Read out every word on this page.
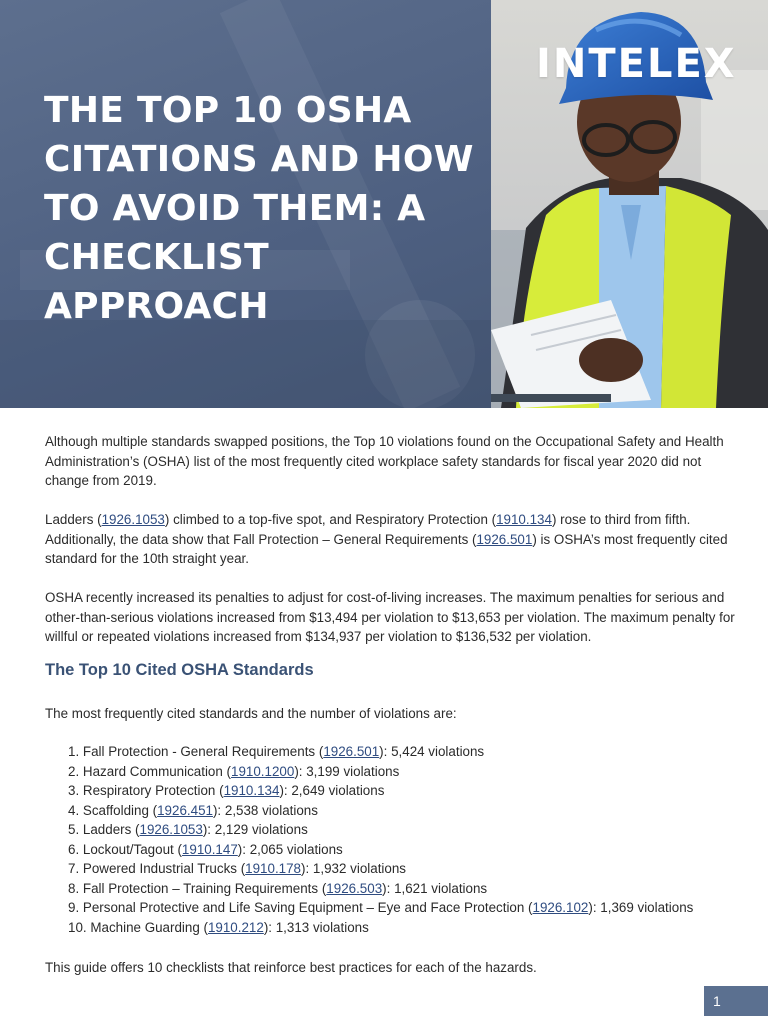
THE TOP 10 OSHA CITATIONS AND HOW TO AVOID THEM: A CHECKLIST APPROACH
INTELEX

Although multiple standards swapped positions, the Top 10 violations found on the Occupational Safety and Health Administration’s (OSHA) list of the most frequently cited workplace safety standards for fiscal year 2020 did not change from 2019.

Ladders (1926.1053) climbed to a top-five spot, and Respiratory Protection (1910.134) rose to third from fifth. Additionally, the data show that Fall Protection – General Requirements (1926.501) is OSHA’s most frequently cited standard for the 10th straight year.

OSHA recently increased its penalties to adjust for cost-of-living increases. The maximum penalties for serious and other-than-serious violations increased from $13,494 per violation to $13,653 per violation. The maximum penalty for willful or repeated violations increased from $134,937 per violation to $136,532 per violation.

The Top 10 Cited OSHA Standards

The most frequently cited standards and the number of violations are:

1. Fall Protection - General Requirements (1926.501): 5,424 violations
2. Hazard Communication (1910.1200): 3,199 violations
3. Respiratory Protection (1910.134): 2,649 violations
4. Scaffolding (1926.451): 2,538 violations
5. Ladders (1926.1053): 2,129 violations
6. Lockout/Tagout (1910.147): 2,065 violations
7. Powered Industrial Trucks (1910.178): 1,932 violations
8. Fall Protection – Training Requirements (1926.503): 1,621 violations
9. Personal Protective and Life Saving Equipment – Eye and Face Protection (1926.102): 1,369 violations
10. Machine Guarding (1910.212): 1,313 violations

This guide offers 10 checklists that reinforce best practices for each of the hazards.

1
